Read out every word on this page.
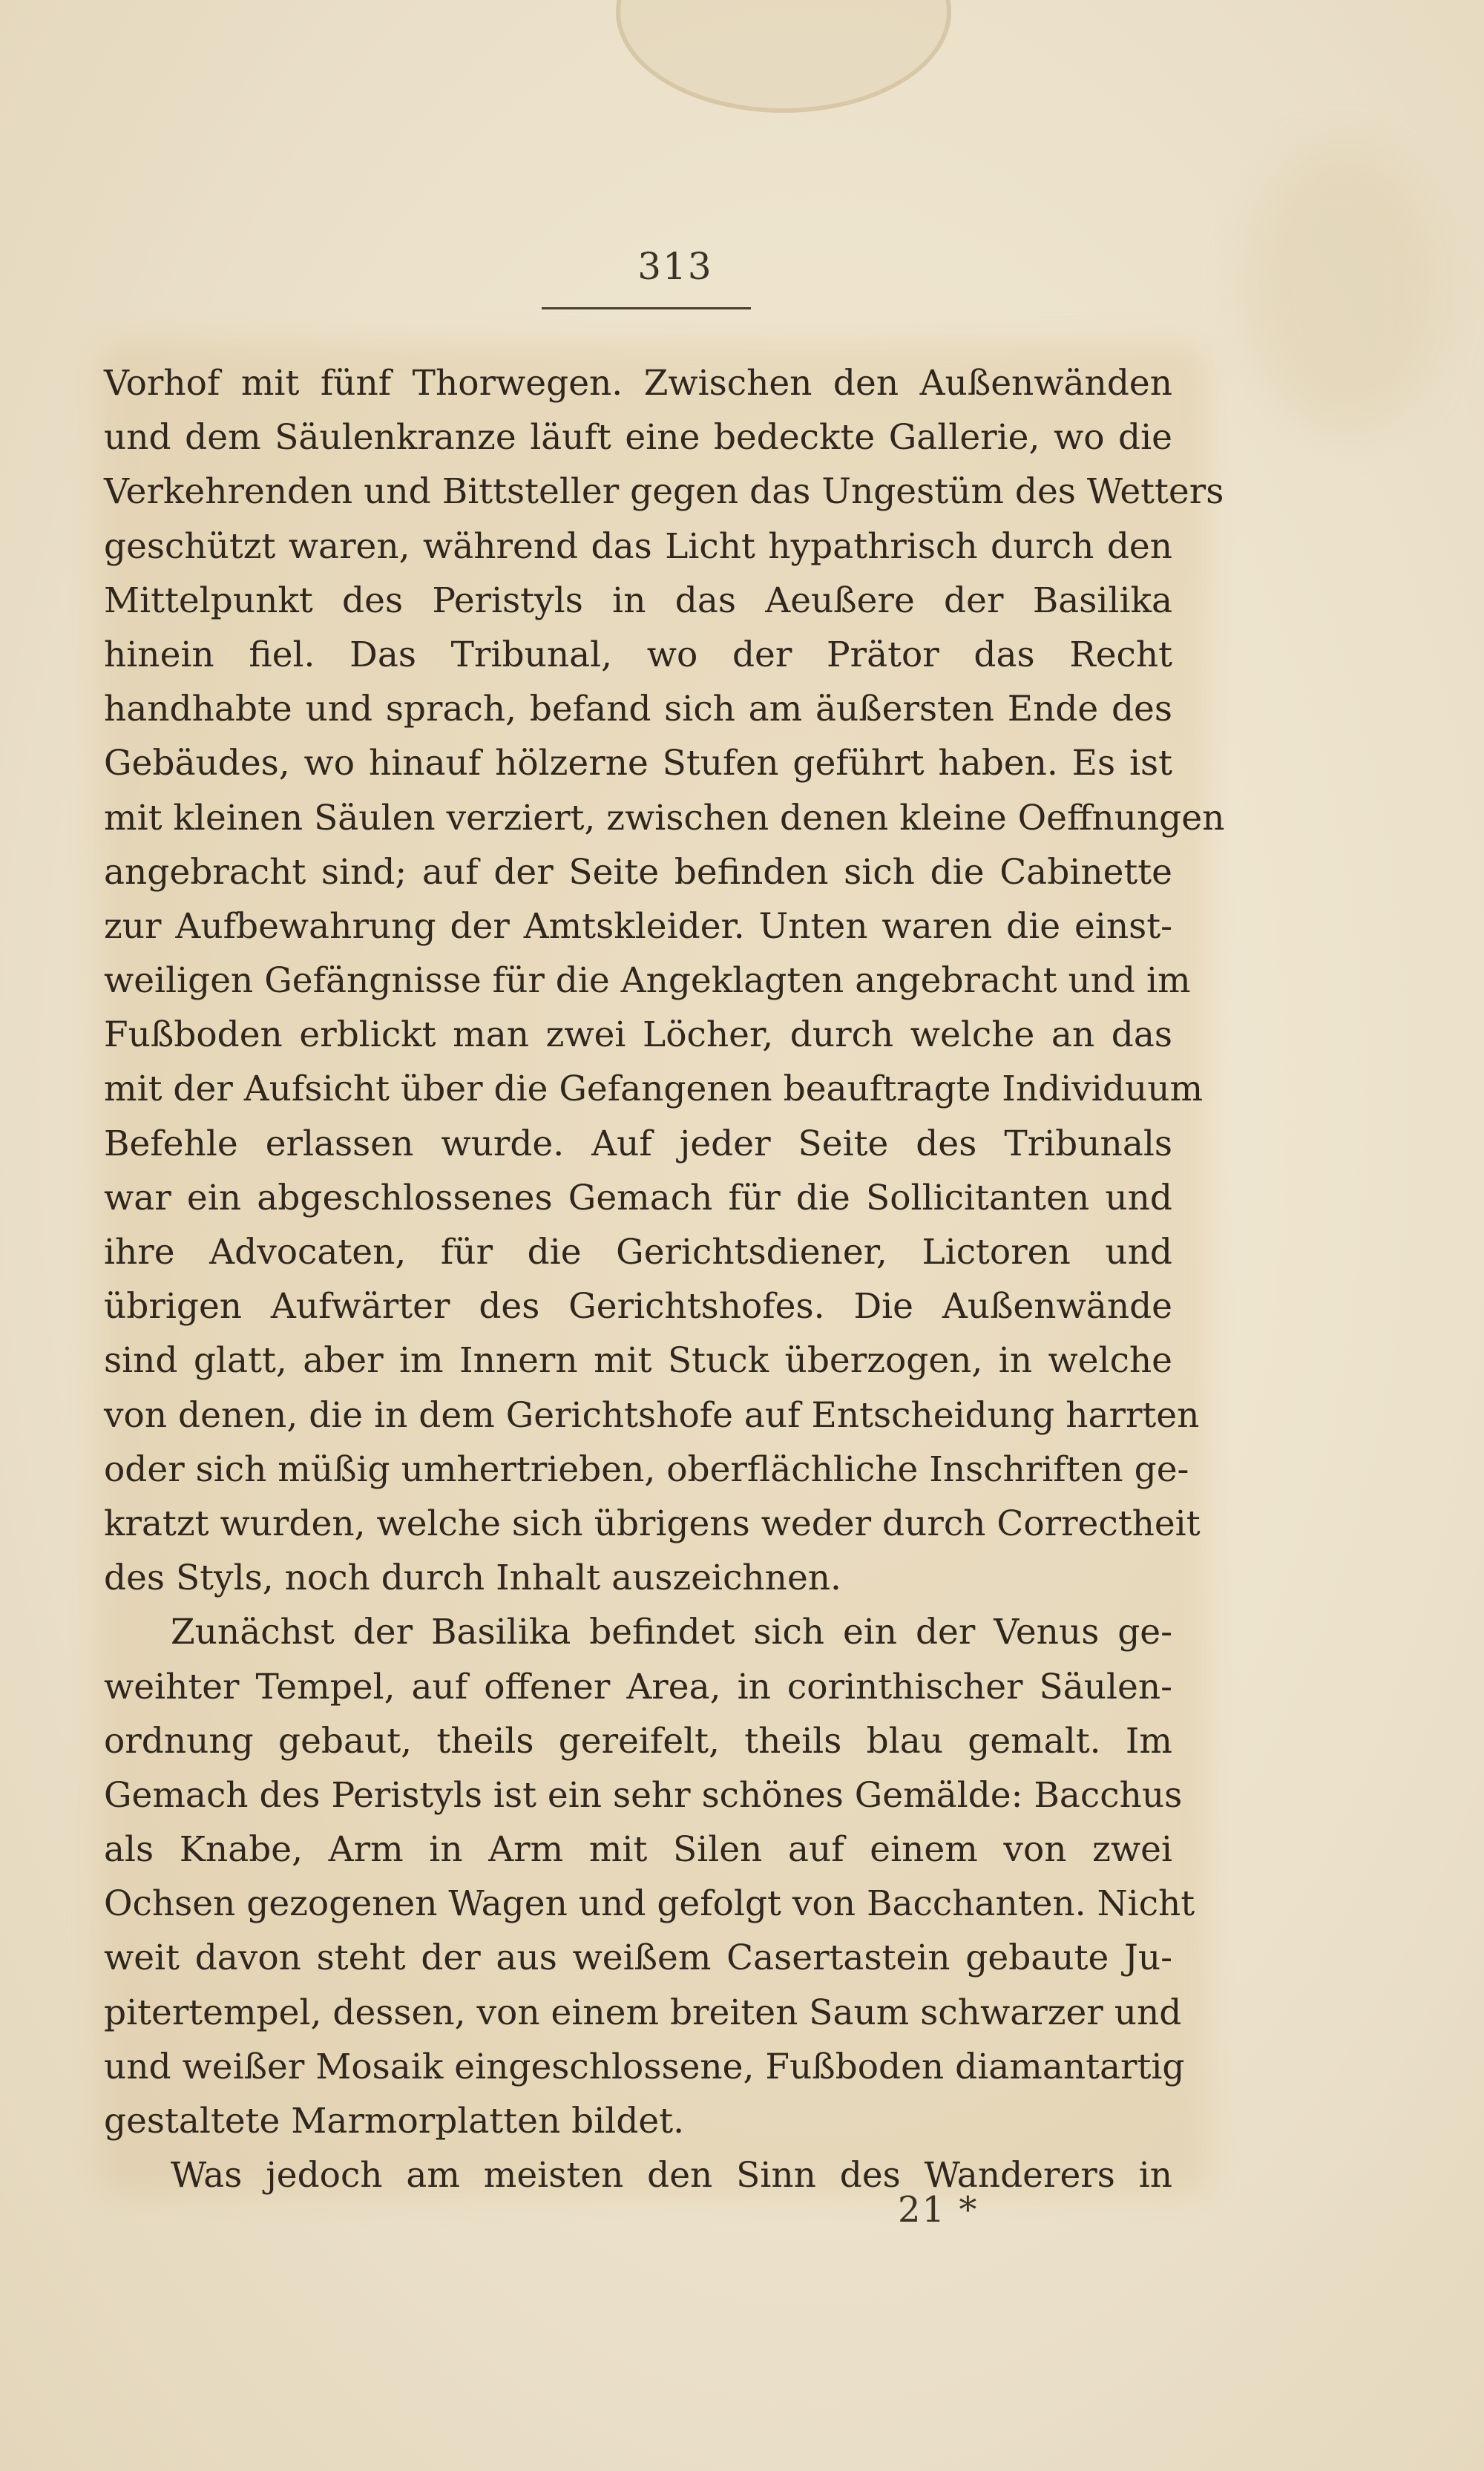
313
Vorhof mit fünf Thorwegen. Zwischen den Außenwänden
und dem Säulenkranze läuft eine bedeckte Gallerie, wo die
Verkehrenden und Bittsteller gegen das Ungestüm des Wetters
geschützt waren, während das Licht hypathrisch durch den
Mittelpunkt des Peristyls in das Aeußere der Basilika
hinein fiel. Das Tribunal, wo der Prätor das Recht
handhabte und sprach, befand sich am äußersten Ende des
Gebäudes, wo hinauf hölzerne Stufen geführt haben. Es ist
mit kleinen Säulen verziert, zwischen denen kleine Oeffnungen
angebracht sind; auf der Seite befinden sich die Cabinette
zur Aufbewahrung der Amtskleider. Unten waren die einst-
weiligen Gefängnisse für die Angeklagten angebracht und im
Fußboden erblickt man zwei Löcher, durch welche an das
mit der Aufsicht über die Gefangenen beauftragte Individuum
Befehle erlassen wurde. Auf jeder Seite des Tribunals
war ein abgeschlossenes Gemach für die Sollicitanten und
ihre Advocaten, für die Gerichtsdiener, Lictoren und
übrigen Aufwärter des Gerichtshofes. Die Außenwände
sind glatt, aber im Innern mit Stuck überzogen, in welche
von denen, die in dem Gerichtshofe auf Entscheidung harrten
oder sich müßig umhertrieben, oberflächliche Inschriften ge-
kratzt wurden, welche sich übrigens weder durch Correctheit
des Styls, noch durch Inhalt auszeichnen.
Zunächst der Basilika befindet sich ein der Venus ge-
weihter Tempel, auf offener Area, in corinthischer Säulen-
ordnung gebaut, theils gereifelt, theils blau gemalt. Im
Gemach des Peristyls ist ein sehr schönes Gemälde: Bacchus
als Knabe, Arm in Arm mit Silen auf einem von zwei
Ochsen gezogenen Wagen und gefolgt von Bacchanten. Nicht
weit davon steht der aus weißem Casertastein gebaute Ju-
pitertempel, dessen, von einem breiten Saum schwarzer und
und weißer Mosaik eingeschlossene, Fußboden diamantartig
gestaltete Marmorplatten bildet.
Was jedoch am meisten den Sinn des Wanderers in
21 *
